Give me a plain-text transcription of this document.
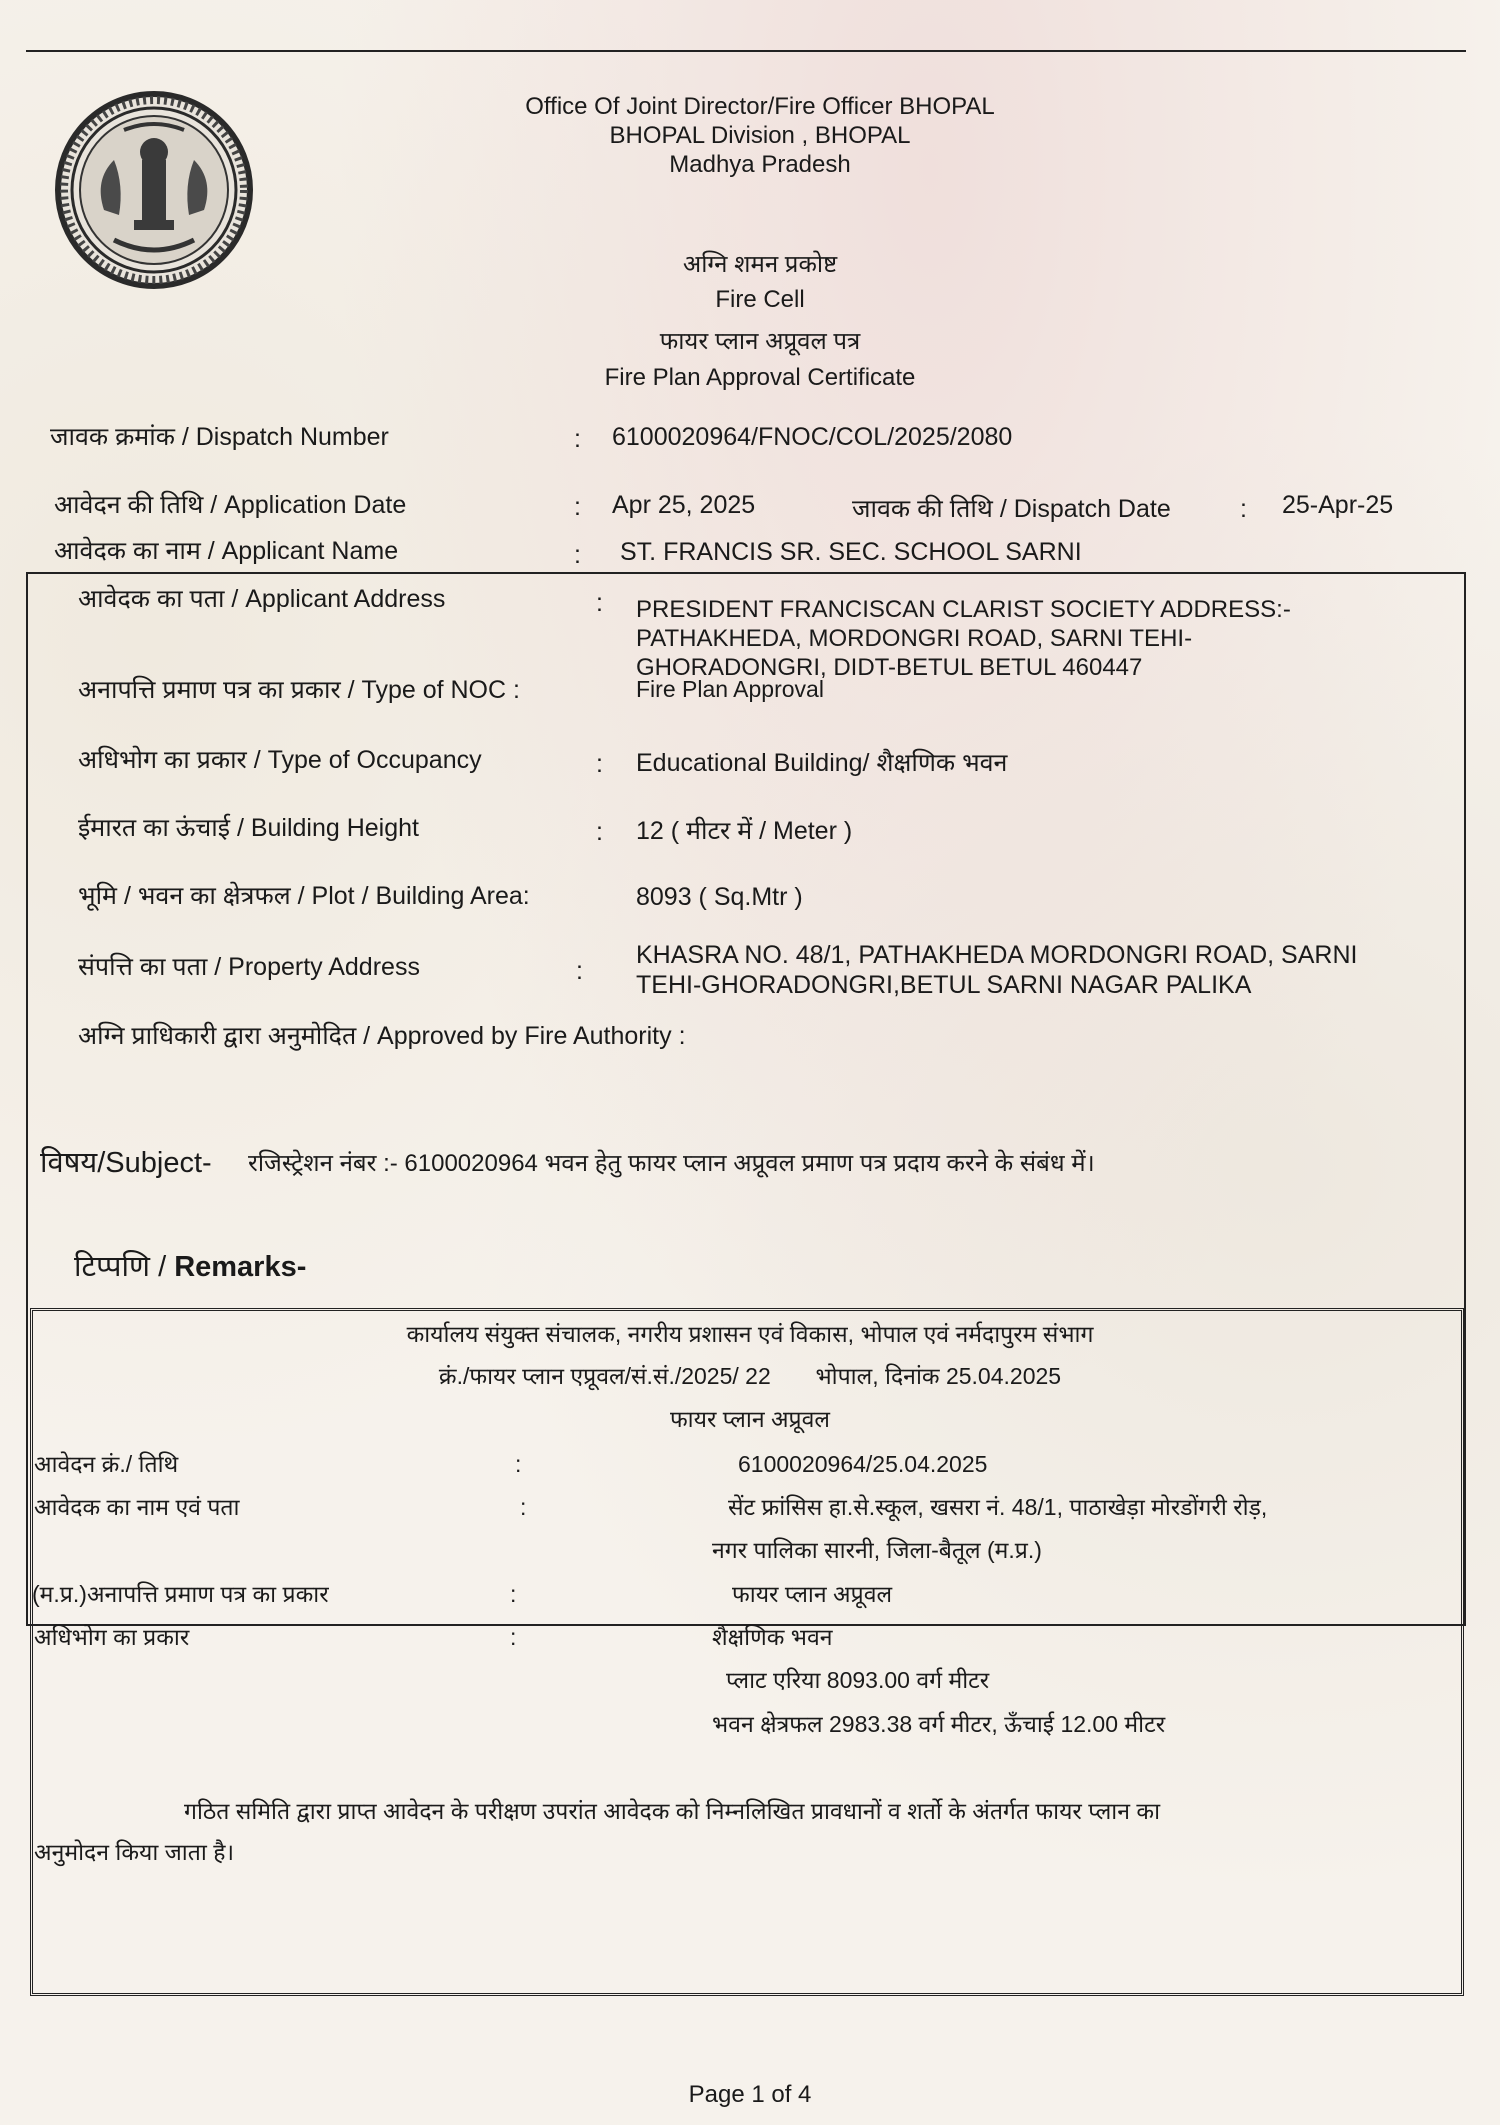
Office Of Joint Director/Fire Officer BHOPAL
BHOPAL Division , BHOPAL
Madhya Pradesh
अग्नि शमन प्रकोष्ट
Fire Cell
फायर प्लान अप्रूवल पत्र
Fire Plan Approval Certificate
जावक क्रमांक / Dispatch Number	: 6100020964/FNOC/COL/2025/2080
आवेदन की तिथि / Application Date	: Apr 25, 2025	जावक की तिथि / Dispatch Date	: 25-Apr-25
आवेदक का नाम / Applicant Name	: ST. FRANCIS SR. SEC. SCHOOL SARNI
आवेदक का पता / Applicant Address	: PRESIDENT FRANCISCAN CLARIST SOCIETY ADDRESS:-
PATHAKHEDA, MORDONGRI ROAD, SARNI TEHI-
GHORADONGRI, DIDT-BETUL BETUL 460447
अनापत्ति प्रमाण पत्र का प्रकार / Type of NOC :	Fire Plan Approval
अधिभोग का प्रकार / Type of Occupancy	: Educational Building/ शैक्षणिक भवन
ईमारत का ऊंचाई / Building Height	: 12 ( मीटर में / Meter )
भूमि / भवन का क्षेत्रफल / Plot / Building Area:	8093 ( Sq.Mtr )
संपत्ति का पता / Property Address	:
KHASRA NO. 48/1, PATHAKHEDA MORDONGRI ROAD, SARNI
TEHI-GHORADONGRI,BETUL SARNI NAGAR PALIKA
अग्नि प्राधिकारी द्वारा अनुमोदित / Approved by Fire Authority :
विषय/Subject- रजिस्ट्रेशन नंबर :- 6100020964 भवन हेतु फायर प्लान अप्रूवल प्रमाण पत्र प्रदाय करने के संबंध में।
टिप्पणि / Remarks-
कार्यालय संयुक्त संचालक, नगरीय प्रशासन एवं विकास, भोपाल एवं नर्मदापुरम संभाग
क्रं./फायर प्लान एप्रूवल/सं.सं./2025/ 22       भोपाल, दिनांक 25.04.2025
फायर प्लान अप्रूवल
आवेदन क्रं./ तिथि	:	6100020964/25.04.2025
आवेदक का नाम एवं पता	:	सेंट फ्रांसिस हा.से.स्कूल, खसरा नं. 48/1, पाठाखेड़ा मोरडोंगरी रोड़,
नगर पालिका सारनी, जिला-बैतूल (म.प्र.)
(म.प्र.)अनापत्ति प्रमाण पत्र का प्रकार	:	फायर प्लान अप्रूवल
अधिभोग का प्रकार	:	शैक्षणिक भवन
प्लाट एरिया 8093.00 वर्ग मीटर
भवन क्षेत्रफल 2983.38 वर्ग मीटर, ऊँचाई 12.00 मीटर
गठित समिति द्वारा प्राप्त आवेदन के परीक्षण उपरांत आवेदक को निम्नलिखित प्रावधानों व शर्तो के अंतर्गत फायर प्लान का
अनुमोदन किया जाता है।
Page 1 of 4
